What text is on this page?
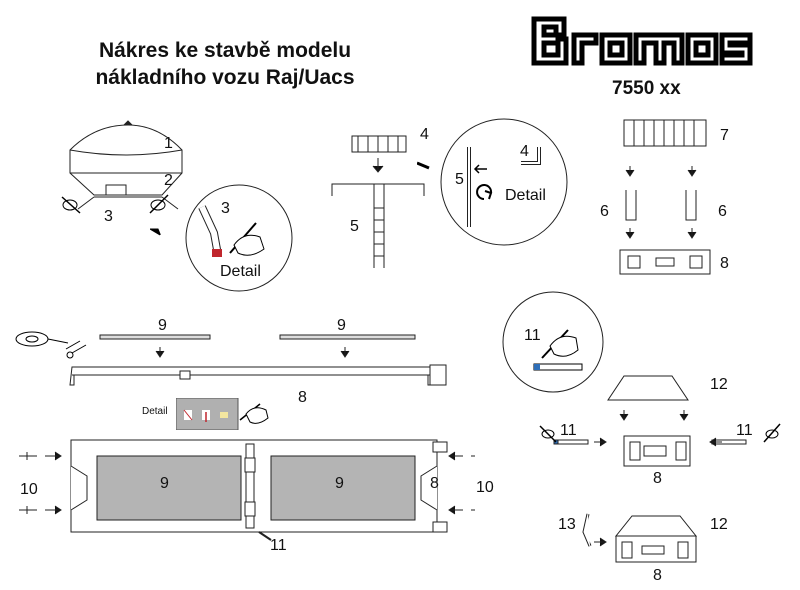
Nákres ke stavbě modelu
nákladního vozu Raj/Uacs	7550 xx
1
2
3	3
Detail
4
5
4
5
Detail
7
6	6
8
9	9
8
Detail
9	9
10	8 10
11
11
12
11	11
8
13	12
8
